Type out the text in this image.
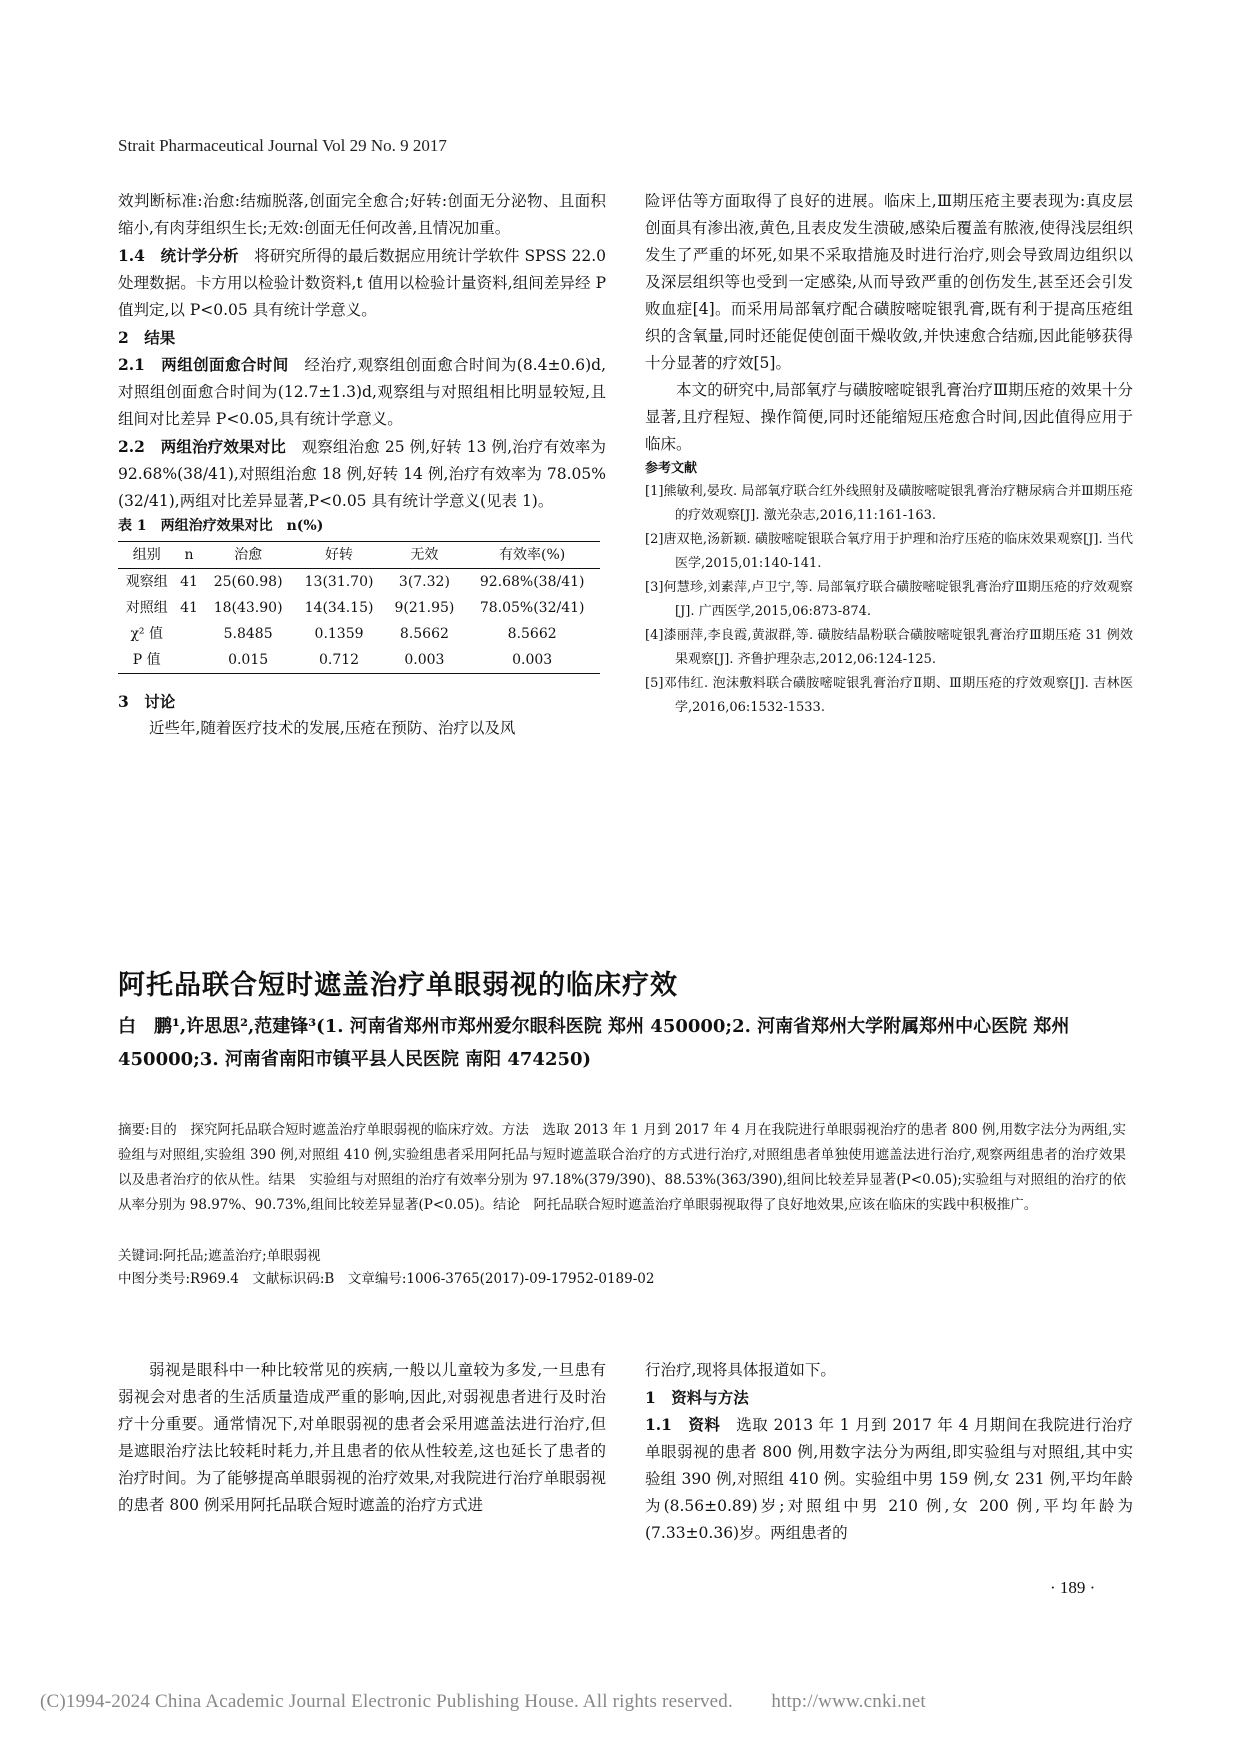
Strait Pharmaceutical Journal Vol 29 No. 9 2017

效判断标准:治愈:结痂脱落,创面完全愈合;好转:创面无分泌物、且面积缩小,有肉芽组织生长;无效:创面无任何改善,且情况加重。

1.4　统计学分析　将研究所得的最后数据应用统计学软件 SPSS 22.0 处理数据。卡方用以检验计数资料,t 值用以检验计量资料,组间差异经 P 值判定,以 P<0.05 具有统计学意义。

2　结果

2.1　两组创面愈合时间　经治疗,观察组创面愈合时间为(8.4±0.6)d,对照组创面愈合时间为(12.7±1.3)d,观察组与对照组相比明显较短,且组间对比差异 P<0.05,具有统计学意义。

2.2　两组治疗效果对比　观察组治愈 25 例,好转 13 例,治疗有效率为 92.68%(38/41),对照组治愈 18 例,好转 14 例,治疗有效率为 78.05%(32/41),两组对比差异显著,P<0.05 具有统计学意义(见表 1)。

表 1　两组治疗效果对比　n(%)

组别	n	治愈	好转	无效	有效率(%)
观察组	41	25(60.98)	13(31.70)	3(7.32)	92.68%(38/41)
对照组	41	18(43.90)	14(34.15)	9(21.95)	78.05%(32/41)
χ² 值		5.8485	0.1359	8.5662	8.5662
P 值		0.015	0.712	0.003	0.003

3　讨论

近些年,随着医疗技术的发展,压疮在预防、治疗以及风

险评估等方面取得了良好的进展。临床上,Ⅲ期压疮主要表现为:真皮层创面具有渗出液,黄色,且表皮发生溃破,感染后覆盖有脓液,使得浅层组织发生了严重的坏死,如果不采取措施及时进行治疗,则会导致周边组织以及深层组织等也受到一定感染,从而导致严重的创伤发生,甚至还会引发败血症[4]。而采用局部氧疗配合磺胺嘧啶银乳膏,既有利于提高压疮组织的含氧量,同时还能促使创面干燥收敛,并快速愈合结痂,因此能够获得十分显著的疗效[5]。

本文的研究中,局部氧疗与磺胺嘧啶银乳膏治疗Ⅲ期压疮的效果十分显著,且疗程短、操作简便,同时还能缩短压疮愈合时间,因此值得应用于临床。

参考文献

[1]熊敏利,晏玫. 局部氧疗联合红外线照射及磺胺嘧啶银乳膏治疗糖尿病合并Ⅲ期压疮的疗效观察[J]. 激光杂志,2016,11:161-163.

[2]唐双艳,汤新颖. 磺胺嘧啶银联合氧疗用于护理和治疗压疮的临床效果观察[J]. 当代医学,2015,01:140-141.

[3]何慧珍,刘素萍,卢卫宁,等. 局部氧疗联合磺胺嘧啶银乳膏治疗Ⅲ期压疮的疗效观察[J]. 广西医学,2015,06:873-874.

[4]漆丽萍,李良霞,黄淑群,等. 磺胺结晶粉联合磺胺嘧啶银乳膏治疗Ⅲ期压疮 31 例效果观察[J]. 齐鲁护理杂志,2012,06:124-125.

[5]邓伟红. 泡沫敷料联合磺胺嘧啶银乳膏治疗Ⅱ期、Ⅲ期压疮的疗效观察[J]. 吉林医学,2016,06:1532-1533.

阿托品联合短时遮盖治疗单眼弱视的临床疗效
白　鹏¹,许思思²,范建锋³(1. 河南省郑州市郑州爱尔眼科医院 郑州 450000;2. 河南省郑州大学附属郑州中心医院 郑州 450000;3. 河南省南阳市镇平县人民医院 南阳 474250)
摘要:目的　探究阿托品联合短时遮盖治疗单眼弱视的临床疗效。方法　选取 2013 年 1 月到 2017 年 4 月在我院进行单眼弱视治疗的患者 800 例,用数字法分为两组,实验组与对照组,实验组 390 例,对照组 410 例,实验组患者采用阿托品与短时遮盖联合治疗的方式进行治疗,对照组患者单独使用遮盖法进行治疗,观察两组患者的治疗效果以及患者治疗的依从性。结果　实验组与对照组的治疗有效率分别为 97.18%(379/390)、88.53%(363/390),组间比较差异显著(P<0.05);实验组与对照组的治疗的依从率分别为 98.97%、90.73%,组间比较差异显著(P<0.05)。结论　阿托品联合短时遮盖治疗单眼弱视取得了良好地效果,应该在临床的实践中积极推广。
关键词:阿托品;遮盖治疗;单眼弱视
中图分类号:R969.4　文献标识码:B　文章编号:1006-3765(2017)-09-17952-0189-02

弱视是眼科中一种比较常见的疾病,一般以儿童较为多发,一旦患有弱视会对患者的生活质量造成严重的影响,因此,对弱视患者进行及时治疗十分重要。通常情况下,对单眼弱视的患者会采用遮盖法进行治疗,但是遮眼治疗法比较耗时耗力,并且患者的依从性较差,这也延长了患者的治疗时间。为了能够提高单眼弱视的治疗效果,对我院进行治疗单眼弱视的患者 800 例采用阿托品联合短时遮盖的治疗方式进

行治疗,现将具体报道如下。

1　资料与方法

1.1　资料　选取 2013 年 1 月到 2017 年 4 月期间在我院进行治疗单眼弱视的患者 800 例,用数字法分为两组,即实验组与对照组,其中实验组 390 例,对照组 410 例。实验组中男 159 例,女 231 例,平均年龄为(8.56±0.89)岁;对照组中男 210 例,女 200 例,平均年龄为(7.33±0.36)岁。两组患者的

· 189 ·
(C)1994-2024 China Academic Journal Electronic Publishing House. All rights reserved.　　http://www.cnki.net
